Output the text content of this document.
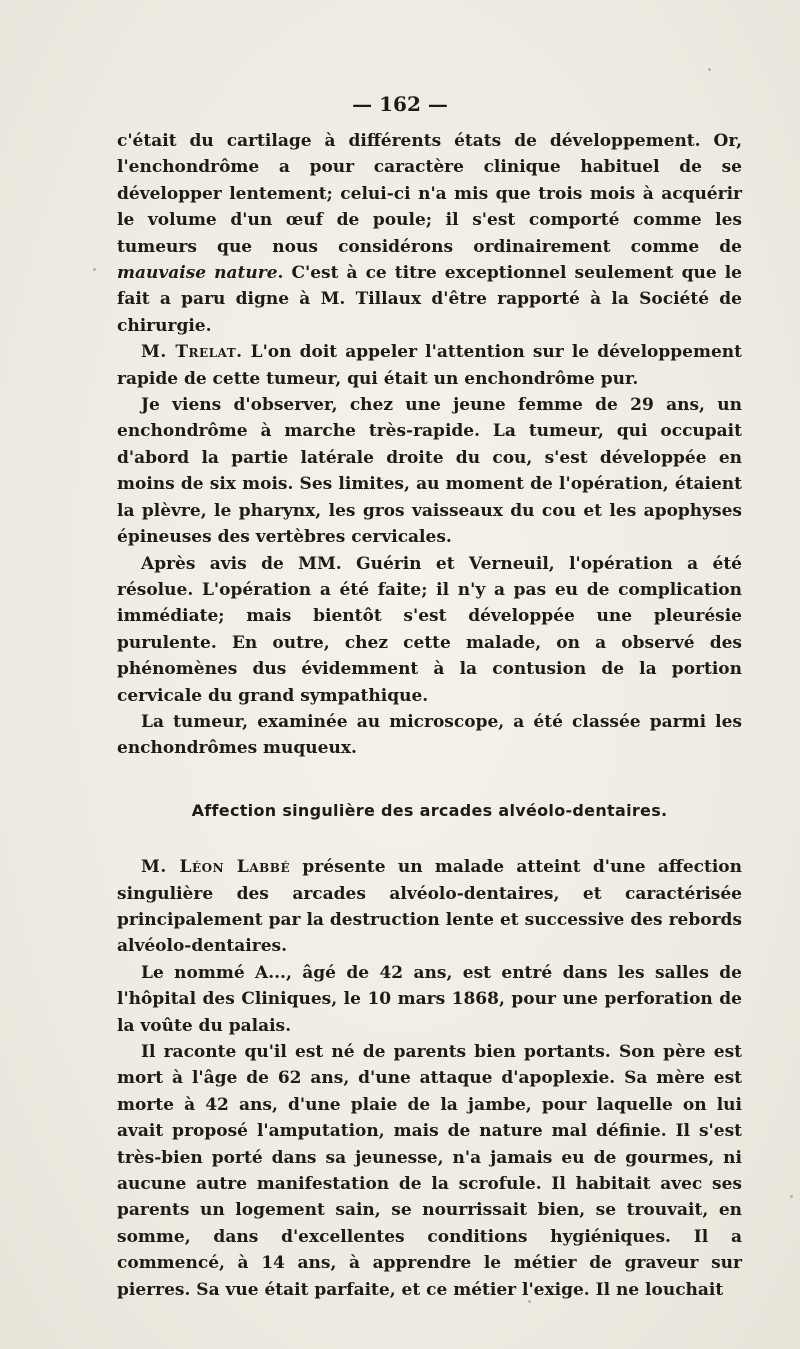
— 162 —

c'était du cartilage à différents états de développement. Or, l'enchondrôme a pour caractère clinique habituel de se développer lentement; celui-ci n'a mis que trois mois à acquérir le volume d'un œuf de poule; il s'est comporté comme les tumeurs que nous considérons ordinairement comme de mauvaise nature. C'est à ce titre exceptionnel seulement que le fait a paru digne à M. Tillaux d'être rapporté à la Société de chirurgie.

M. Trelat. L'on doit appeler l'attention sur le développement rapide de cette tumeur, qui était un enchondrôme pur.

Je viens d'observer, chez une jeune femme de 29 ans, un enchondrôme à marche très-rapide. La tumeur, qui occupait d'abord la partie latérale droite du cou, s'est développée en moins de six mois. Ses limites, au moment de l'opération, étaient la plèvre, le pharynx, les gros vaisseaux du cou et les apophyses épineuses des vertèbres cervicales.

Après avis de MM. Guérin et Verneuil, l'opération a été résolue. L'opération a été faite; il n'y a pas eu de complication immédiate; mais bientôt s'est développée une pleurésie purulente. En outre, chez cette malade, on a observé des phénomènes dus évidemment à la contusion de la portion cervicale du grand sympathique.

La tumeur, examinée au microscope, a été classée parmi les enchondrômes muqueux.

Affection singulière des arcades alvéolo-dentaires.

M. Léon Labbé présente un malade atteint d'une affection singulière des arcades alvéolo-dentaires, et caractérisée principalement par la destruction lente et successive des rebords alvéolo-dentaires.

Le nommé A..., âgé de 42 ans, est entré dans les salles de l'hôpital des Cliniques, le 10 mars 1868, pour une perforation de la voûte du palais.

Il raconte qu'il est né de parents bien portants. Son père est mort à l'âge de 62 ans, d'une attaque d'apoplexie. Sa mère est morte à 42 ans, d'une plaie de la jambe, pour laquelle on lui avait proposé l'amputation, mais de nature mal définie. Il s'est très-bien porté dans sa jeunesse, n'a jamais eu de gourmes, ni aucune autre manifestation de la scrofule. Il habitait avec ses parents un logement sain, se nourrissait bien, se trouvait, en somme, dans d'excellentes conditions hygiéniques. Il a commencé, à 14 ans, à apprendre le métier de graveur sur pierres. Sa vue était parfaite, et ce métier l'exige. Il ne louchait
